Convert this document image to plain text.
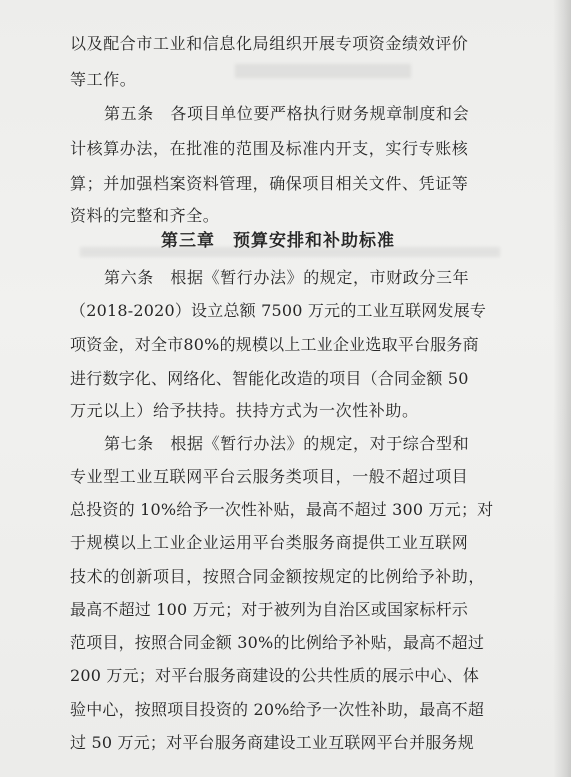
以及配合市工业和信息化局组织开展专项资金绩效评价
等工作。
第五条　各项目单位要严格执行财务规章制度和会
计核算办法，在批准的范围及标准内开支，实行专账核
算；并加强档案资料管理，确保项目相关文件、凭证等
资料的完整和齐全。
第三章 预算安排和补助标准
第六条　根据《暂行办法》的规定，市财政分三年
（2018-2020）设立总额 7500 万元的工业互联网发展专
项资金，对全市80%的规模以上工业企业选取平台服务商
进行数字化、网络化、智能化改造的项目（合同金额 50
万元以上）给予扶持。扶持方式为一次性补助。
第七条　根据《暂行办法》的规定，对于综合型和
专业型工业互联网平台云服务类项目，一般不超过项目
总投资的 10%给予一次性补贴，最高不超过 300 万元；对
于规模以上工业企业运用平台类服务商提供工业互联网
技术的创新项目，按照合同金额按规定的比例给予补助，
最高不超过 100 万元；对于被列为自治区或国家标杆示
范项目，按照合同金额 30%的比例给予补贴，最高不超过
200 万元；对平台服务商建设的公共性质的展示中心、体
验中心，按照项目投资的 20%给予一次性补助，最高不超
过 50 万元；对平台服务商建设工业互联网平台并服务规
